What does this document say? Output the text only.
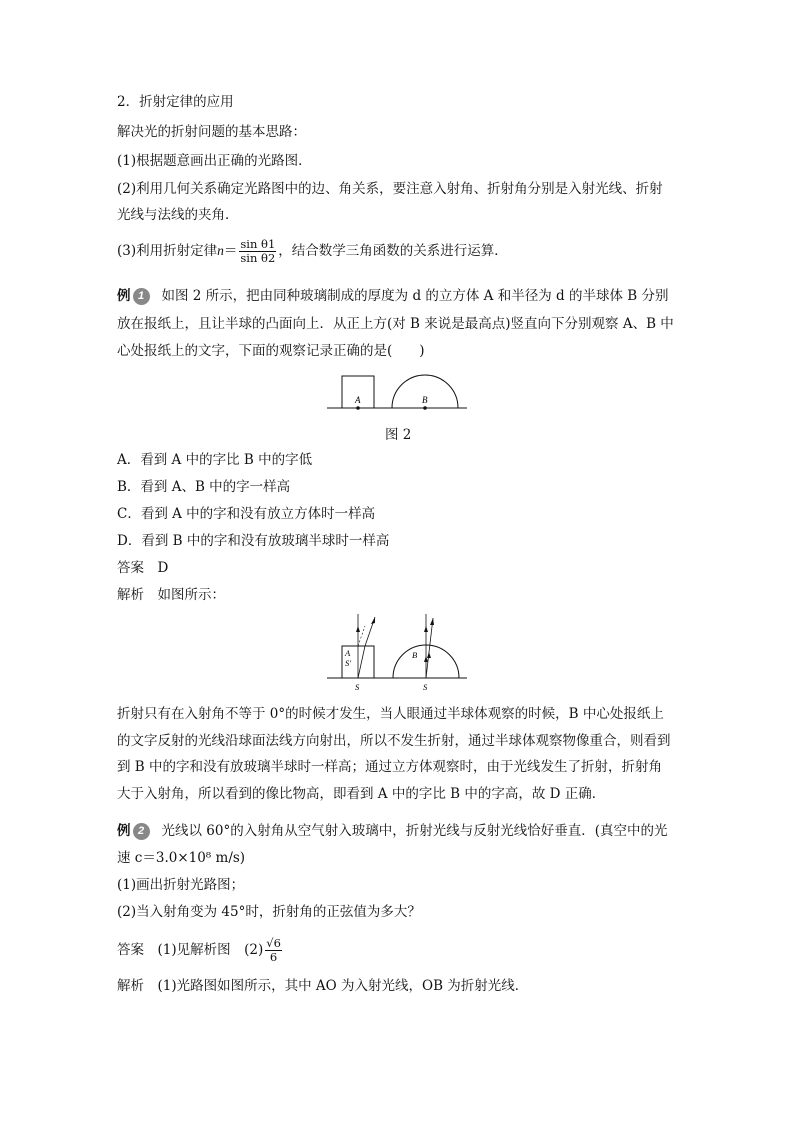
2．折射定律的应用
解决光的折射问题的基本思路：
(1)根据题意画出正确的光路图．
(2)利用几何关系确定光路图中的边、角关系，要注意入射角、折射角分别是入射光线、折射
光线与法线的夹角．
(3)利用折射定律$n= \frac{\text{sin θ1}}{\text{sin θ2}}$ ，结合数学三角函数的关系进行运算．
例 1	如图 2 所示，把由同种玻璃制成的厚度为 d 的立方体 A 和半径为 d 的半球体 B 分别
放在报纸上，且让半球的凸面向上．从正上方(对 B 来说是最高点)竖直向下分别观察 A、B 中
心处报纸上的文字，下面的观察记录正确的是(　　)
A	B
图 2
A．看到 A 中的字比 B 中的字低
B．看到 A、B 中的字一样高
C．看到 A 中的字和没有放立方体时一样高
D．看到 B 中的字和没有放玻璃半球时一样高
答案　 D
解析　 如图所示：
A
S'
B
S	S
折射只有在入射角不等于 0°的时候才发生，当人眼通过半球体观察的时候，B 中心处报纸上
的文字反射的光线沿球面法线方向射出，所以不发生折射，通过半球体观察物像重合，则看到
到 B 中的字和没有放玻璃半球时一样高；通过立方体观察时，由于光线发生了折射，折射角
大于入射角，所以看到的像比物高，即看到 A 中的字比 B 中的字高，故 D 正确．
例 2	光线以 60°的入射角从空气射入玻璃中，折射光线与反射光线恰好垂直．(真空中的光
速 c＝3.0×10⁸ m/s)
(1)画出折射光路图；
(2)当入射角变为 45°时，折射角的正弦值为多大？
答案　 (1)见解析图　$(2) \frac{√6}{6}$
解析　 (1)光路图如图所示，其中 AO 为入射光线，OB 为折射光线．
